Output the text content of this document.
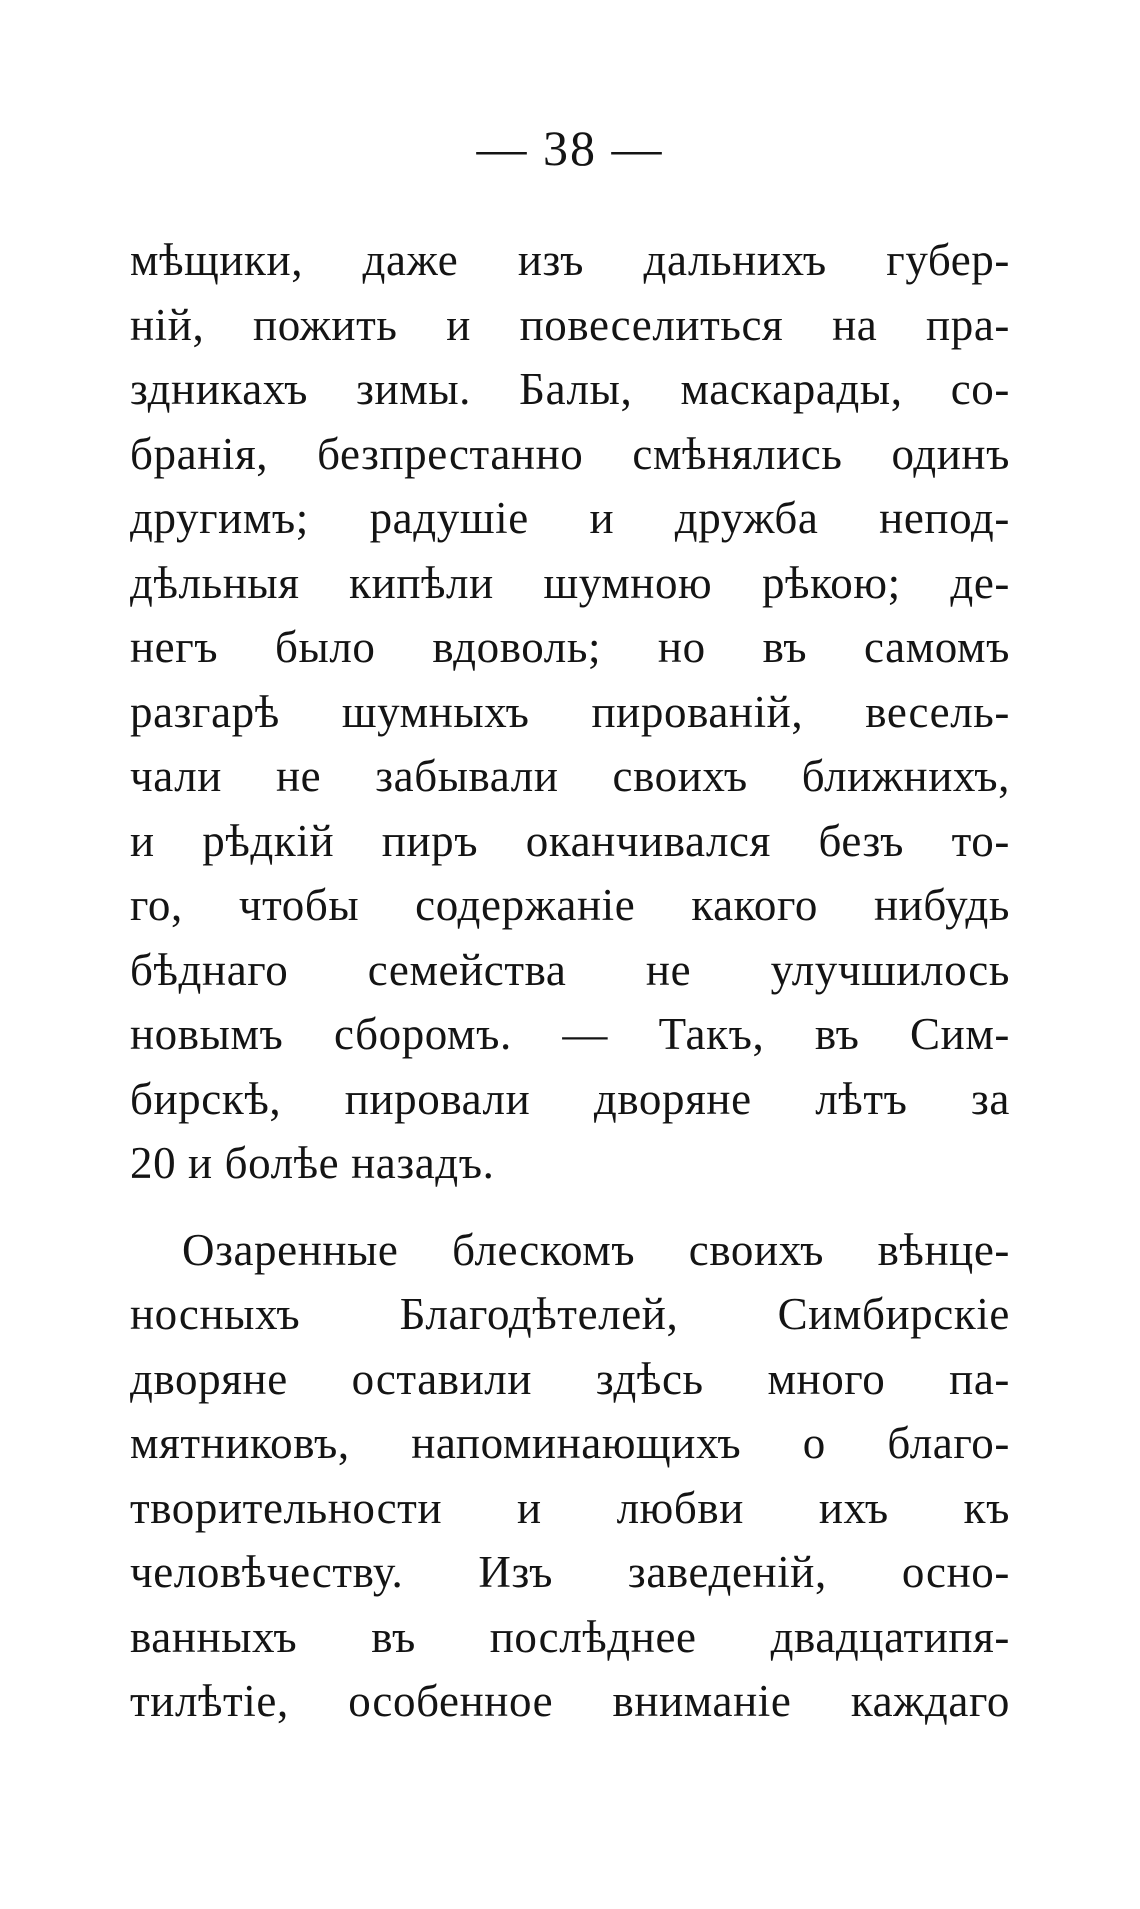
— 38 —
мѣщики, даже изъ дальнихъ губер-
нiй, пожить и повеселиться на пра-
здникахъ зимы. Балы, маскарады, со-
бранiя, безпрестанно смѣнялись одинъ
другимъ; радушiе и дружба непод-
дѣльныя кипѣли шумною рѣкою; де-
негъ было вдоволь; но въ самомъ
разгарѣ шумныхъ пированiй, весель-
чали не забывали своихъ ближнихъ,
и рѣдкiй пиръ оканчивался безъ то-
го, чтобы содержанiе какого нибудь
бѣднаго семейства не улучшилось
новымъ сборомъ. — Такъ, въ Сим-
бирскѣ, пировали дворяне лѣтъ за
20 и болѣе назадъ.
Озаренные блескомъ своихъ вѣнце-
носныхъ Благодѣтелей, Симбирскiе
дворяне оставили здѣсь много па-
мятниковъ, напоминающихъ о благо-
творительности и любви ихъ къ
человѣчеству. Изъ заведенiй, осно-
ванныхъ въ послѣднее двадцатипя-
тилѣтiе, особенное вниманiе каждаго
